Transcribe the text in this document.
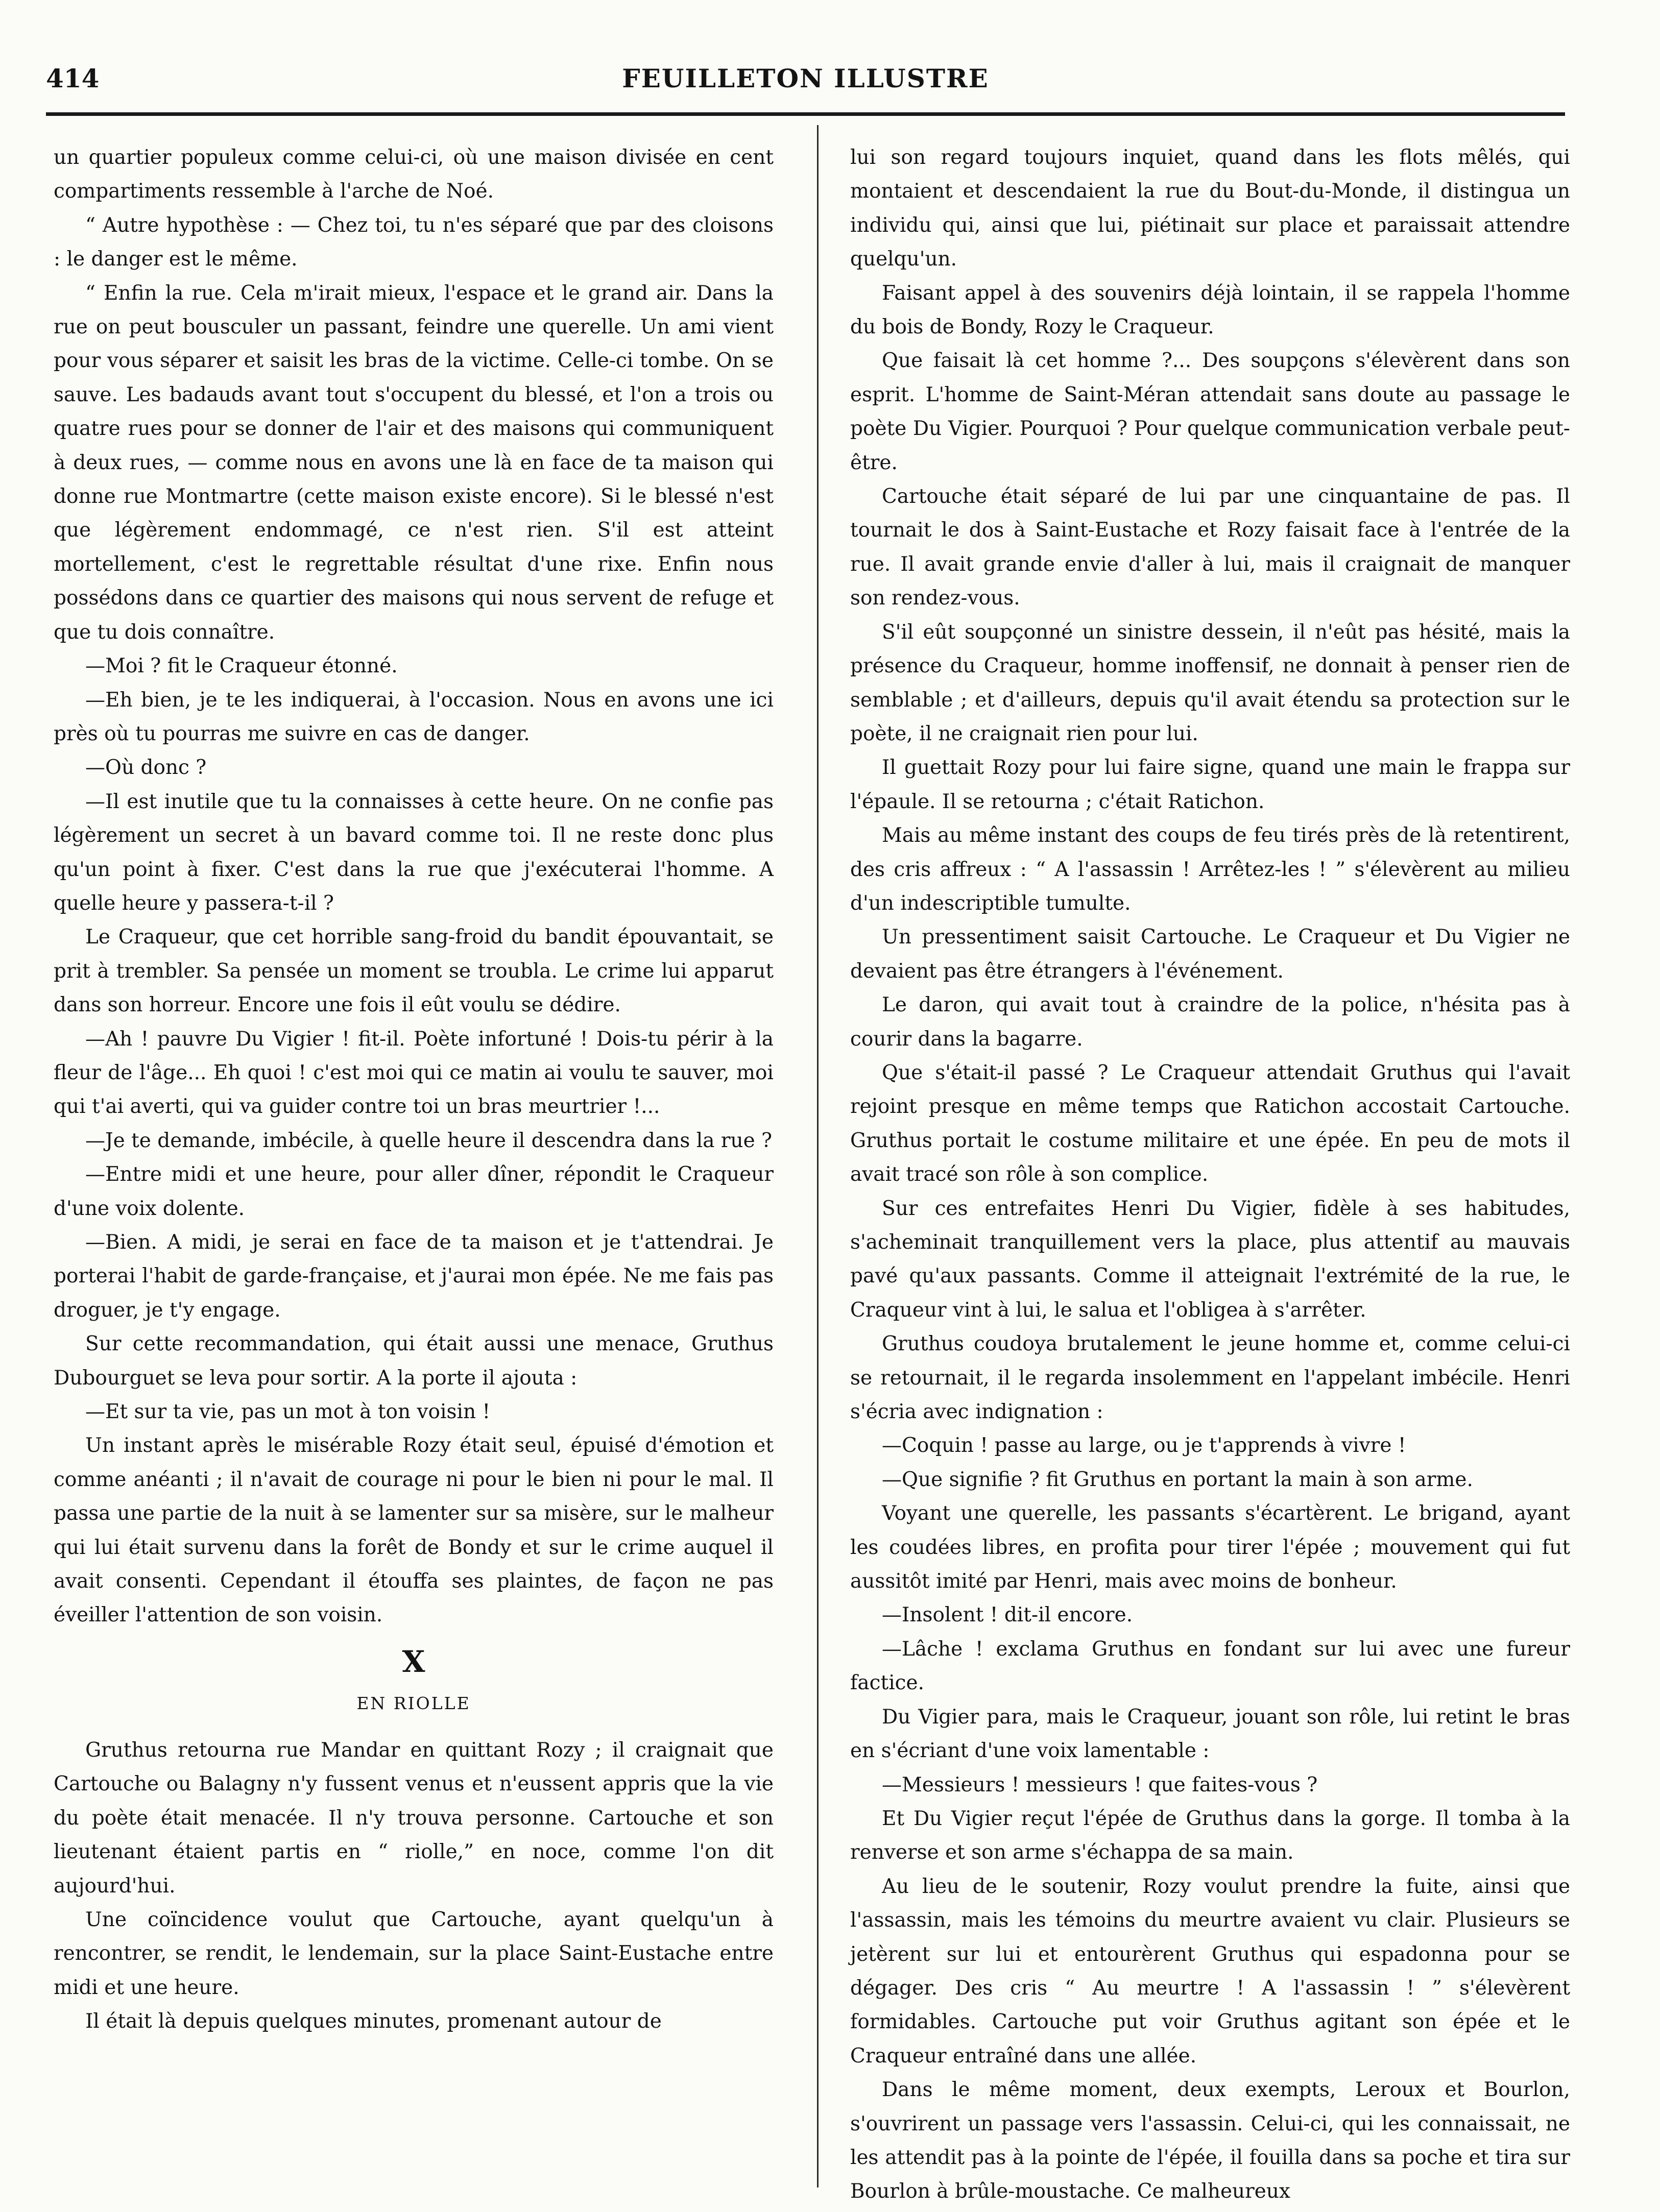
414	FEUILLETON ILLUSTRE

un quartier populeux comme celui-ci, où une maison divisée en cent compartiments ressemble à l'arche de Noé.

“ Autre hypothèse : — Chez toi, tu n'es séparé que par des cloisons : le danger est le même.

“ Enfin la rue. Cela m'irait mieux, l'espace et le grand air. Dans la rue on peut bousculer un passant, feindre une querelle. Un ami vient pour vous séparer et saisit les bras de la victime. Celle-ci tombe. On se sauve. Les badauds avant tout s'occupent du blessé, et l'on a trois ou quatre rues pour se donner de l'air et des maisons qui communiquent à deux rues, — comme nous en avons une là en face de ta maison qui donne rue Montmartre (cette maison existe encore). Si le blessé n'est que légèrement endommagé, ce n'est rien. S'il est atteint mortellement, c'est le regrettable résultat d'une rixe. Enfin nous possédons dans ce quartier des maisons qui nous servent de refuge et que tu dois connaître.

—Moi ? fit le Craqueur étonné.

—Eh bien, je te les indiquerai, à l'occasion. Nous en avons une ici près où tu pourras me suivre en cas de danger.

—Où donc ?

—Il est inutile que tu la connaisses à cette heure. On ne confie pas légèrement un secret à un bavard comme toi. Il ne reste donc plus qu'un point à fixer. C'est dans la rue que j'exécuterai l'homme. A quelle heure y passera-t-il ?

Le Craqueur, que cet horrible sang-froid du bandit épouvantait, se prit à trembler. Sa pensée un moment se troubla. Le crime lui apparut dans son horreur. Encore une fois il eût voulu se dédire.

—Ah ! pauvre Du Vigier ! fit-il. Poète infortuné ! Dois-tu périr à la fleur de l'âge... Eh quoi ! c'est moi qui ce matin ai voulu te sauver, moi qui t'ai averti, qui va guider contre toi un bras meurtrier !...

—Je te demande, imbécile, à quelle heure il descendra dans la rue ?

—Entre midi et une heure, pour aller dîner, répondit le Craqueur d'une voix dolente.

—Bien. A midi, je serai en face de ta maison et je t'attendrai. Je porterai l'habit de garde-française, et j'aurai mon épée. Ne me fais pas droguer, je t'y engage.

Sur cette recommandation, qui était aussi une menace, Gruthus Dubourguet se leva pour sortir. A la porte il ajouta :

—Et sur ta vie, pas un mot à ton voisin !

Un instant après le misérable Rozy était seul, épuisé d'émotion et comme anéanti ; il n'avait de courage ni pour le bien ni pour le mal. Il passa une partie de la nuit à se lamenter sur sa misère, sur le malheur qui lui était survenu dans la forêt de Bondy et sur le crime auquel il avait consenti. Cependant il étouffa ses plaintes, de façon ne pas éveiller l'attention de son voisin.

X
EN RIOLLE

Gruthus retourna rue Mandar en quittant Rozy ; il craignait que Cartouche ou Balagny n'y fussent venus et n'eussent appris que la vie du poète était menacée. Il n'y trouva personne. Cartouche et son lieutenant étaient partis en “ riolle,” en noce, comme l'on dit aujourd'hui.

Une coïncidence voulut que Cartouche, ayant quelqu'un à rencontrer, se rendit, le lendemain, sur la place Saint-Eustache entre midi et une heure.

Il était là depuis quelques minutes, promenant autour de

lui son regard toujours inquiet, quand dans les flots mêlés, qui montaient et descendaient la rue du Bout-du-Monde, il distingua un individu qui, ainsi que lui, piétinait sur place et paraissait attendre quelqu'un.

Faisant appel à des souvenirs déjà lointain, il se rappela l'homme du bois de Bondy, Rozy le Craqueur.

Que faisait là cet homme ?... Des soupçons s'élevèrent dans son esprit. L'homme de Saint-Méran attendait sans doute au passage le poète Du Vigier. Pourquoi ? Pour quelque communication verbale peut-être.

Cartouche était séparé de lui par une cinquantaine de pas. Il tournait le dos à Saint-Eustache et Rozy faisait face à l'entrée de la rue. Il avait grande envie d'aller à lui, mais il craignait de manquer son rendez-vous.

S'il eût soupçonné un sinistre dessein, il n'eût pas hésité, mais la présence du Craqueur, homme inoffensif, ne donnait à penser rien de semblable ; et d'ailleurs, depuis qu'il avait étendu sa protection sur le poète, il ne craignait rien pour lui.

Il guettait Rozy pour lui faire signe, quand une main le frappa sur l'épaule. Il se retourna ; c'était Ratichon.

Mais au même instant des coups de feu tirés près de là retentirent, des cris affreux : “ A l'assassin ! Arrêtez-les ! ” s'élevèrent au milieu d'un indescriptible tumulte.

Un pressentiment saisit Cartouche. Le Craqueur et Du Vigier ne devaient pas être étrangers à l'événement.

Le daron, qui avait tout à craindre de la police, n'hésita pas à courir dans la bagarre.

Que s'était-il passé ? Le Craqueur attendait Gruthus qui l'avait rejoint presque en même temps que Ratichon accostait Cartouche. Gruthus portait le costume militaire et une épée. En peu de mots il avait tracé son rôle à son complice.

Sur ces entrefaites Henri Du Vigier, fidèle à ses habitudes, s'acheminait tranquillement vers la place, plus attentif au mauvais pavé qu'aux passants. Comme il atteignait l'extrémité de la rue, le Craqueur vint à lui, le salua et l'obligea à s'arrêter.

Gruthus coudoya brutalement le jeune homme et, comme celui-ci se retournait, il le regarda insolemment en l'appelant imbécile. Henri s'écria avec indignation :

—Coquin ! passe au large, ou je t'apprends à vivre !

—Que signifie ? fit Gruthus en portant la main à son arme.

Voyant une querelle, les passants s'écartèrent. Le brigand, ayant les coudées libres, en profita pour tirer l'épée ; mouvement qui fut aussitôt imité par Henri, mais avec moins de bonheur.

—Insolent ! dit-il encore.

—Lâche ! exclama Gruthus en fondant sur lui avec une fureur factice.

Du Vigier para, mais le Craqueur, jouant son rôle, lui retint le bras en s'écriant d'une voix lamentable :

—Messieurs ! messieurs ! que faites-vous ?

Et Du Vigier reçut l'épée de Gruthus dans la gorge. Il tomba à la renverse et son arme s'échappa de sa main.

Au lieu de le soutenir, Rozy voulut prendre la fuite, ainsi que l'assassin, mais les témoins du meurtre avaient vu clair. Plusieurs se jetèrent sur lui et entourèrent Gruthus qui espadonna pour se dégager. Des cris “ Au meurtre ! A l'assassin ! ” s'élevèrent formidables. Cartouche put voir Gruthus agitant son épée et le Craqueur entraîné dans une allée.

Dans le même moment, deux exempts, Leroux et Bourlon, s'ouvrirent un passage vers l'assassin. Celui-ci, qui les connaissait, ne les attendit pas à la pointe de l'épée, il fouilla dans sa poche et tira sur Bourlon à brûle-moustache. Ce malheureux
